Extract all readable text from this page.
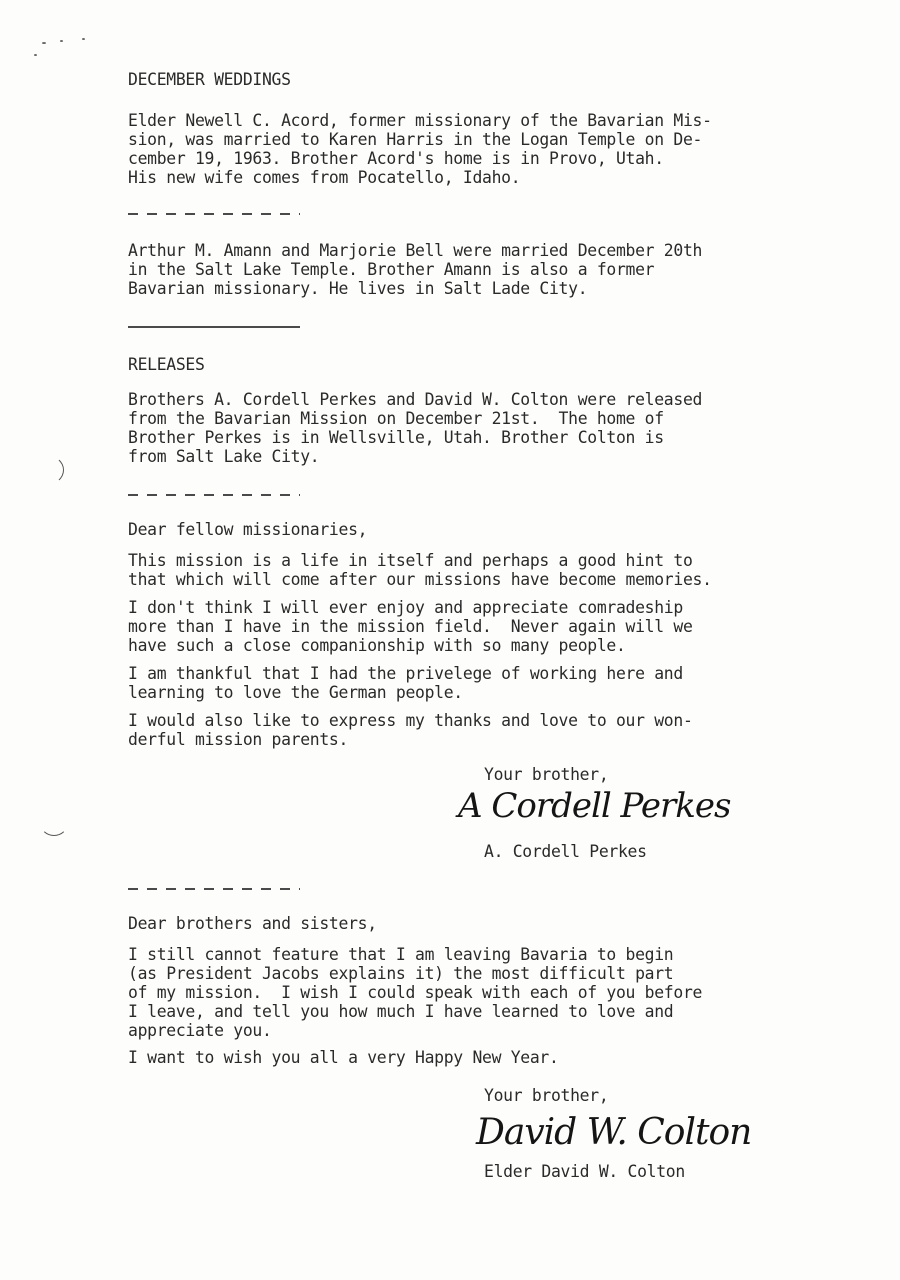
DECEMBER WEDDINGS
Elder Newell C. Acord, former missionary of the Bavarian Mis-
sion, was married to Karen Harris in the Logan Temple on De-
cember 19, 1963. Brother Acord's home is in Provo, Utah.
His new wife comes from Pocatello, Idaho.
Arthur M. Amann and Marjorie Bell were married December 20th
in the Salt Lake Temple. Brother Amann is also a former
Bavarian missionary. He lives in Salt Lade City.
RELEASES
Brothers A. Cordell Perkes and David W. Colton were released
from the Bavarian Mission on December 21st.  The home of
Brother Perkes is in Wellsville, Utah. Brother Colton is
from Salt Lake City.
Dear fellow missionaries,
This mission is a life in itself and perhaps a good hint to
that which will come after our missions have become memories.
I don't think I will ever enjoy and appreciate comradeship
more than I have in the mission field.  Never again will we
have such a close companionship with so many people.
I am thankful that I had the privelege of working here and
learning to love the German people.
I would also like to express my thanks and love to our won-
derful mission parents.
Your brother,
A Cordell Perkes
A. Cordell Perkes
Dear brothers and sisters,
I still cannot feature that I am leaving Bavaria to begin
(as President Jacobs explains it) the most difficult part
of my mission.  I wish I could speak with each of you before
I leave, and tell you how much I have learned to love and
appreciate you.
I want to wish you all a very Happy New Year.
Your brother,
David W. Colton
Elder David W. Colton
